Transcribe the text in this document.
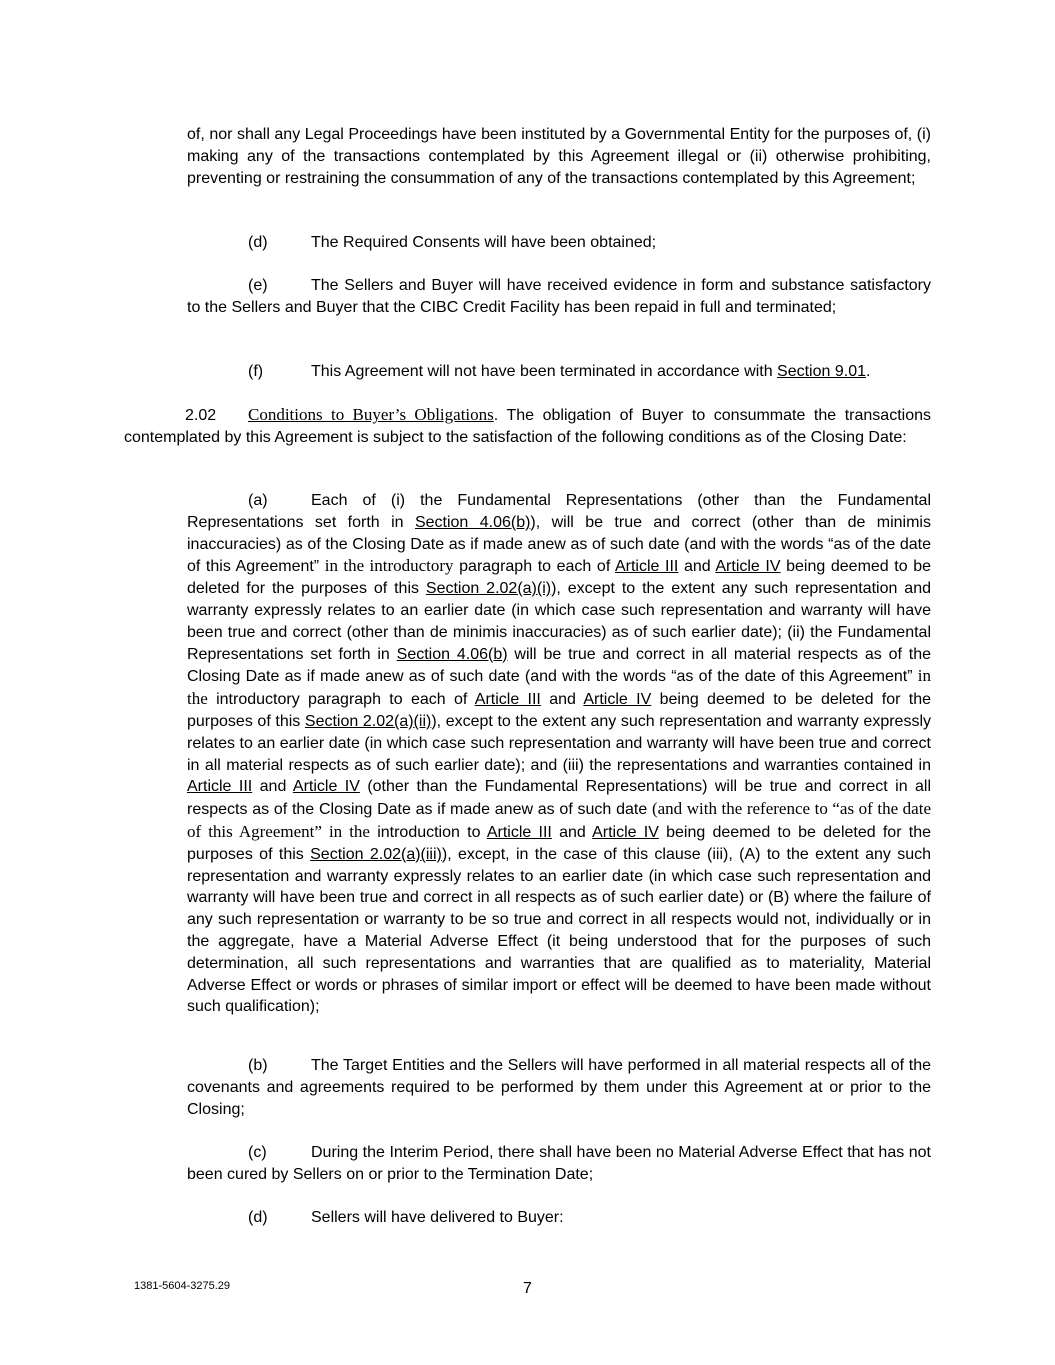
of, nor shall any Legal Proceedings have been instituted by a Governmental Entity for the purposes of, (i) making any of the transactions contemplated by this Agreement illegal or (ii) otherwise prohibiting, preventing or restraining the consummation of any of the transactions contemplated by this Agreement;
(d)	The Required Consents will have been obtained;
(e)	The Sellers and Buyer will have received evidence in form and substance satisfactory to the Sellers and Buyer that the CIBC Credit Facility has been repaid in full and terminated;
(f)	This Agreement will not have been terminated in accordance with Section 9.01.
2.02 Conditions to Buyer’s Obligations. The obligation of Buyer to consummate the transactions contemplated by this Agreement is subject to the satisfaction of the following conditions as of the Closing Date:
(a)	Each of (i) the Fundamental Representations (other than the Fundamental Representations set forth in Section 4.06(b)), will be true and correct (other than de minimis inaccuracies) as of the Closing Date as if made anew as of such date (and with the words “as of the date of this Agreement” in the introductory paragraph to each of Article III and Article IV being deemed to be deleted for the purposes of this Section 2.02(a)(i)), except to the extent any such representation and warranty expressly relates to an earlier date (in which case such representation and warranty will have been true and correct (other than de minimis inaccuracies) as of such earlier date); (ii) the Fundamental Representations set forth in Section 4.06(b) will be true and correct in all material respects as of the Closing Date as if made anew as of such date (and with the words “as of the date of this Agreement” in the introductory paragraph to each of Article III and Article IV being deemed to be deleted for the purposes of this Section 2.02(a)(ii)), except to the extent any such representation and warranty expressly relates to an earlier date (in which case such representation and warranty will have been true and correct in all material respects as of such earlier date); and (iii) the representations and warranties contained in Article III and Article IV (other than the Fundamental Representations) will be true and correct in all respects as of the Closing Date as if made anew as of such date (and with the reference to “as of the date of this Agreement” in the introduction to Article III and Article IV being deemed to be deleted for the purposes of this Section 2.02(a)(iii)), except, in the case of this clause (iii), (A) to the extent any such representation and warranty expressly relates to an earlier date (in which case such representation and warranty will have been true and correct in all respects as of such earlier date) or (B) where the failure of any such representation or warranty to be so true and correct in all respects would not, individually or in the aggregate, have a Material Adverse Effect (it being understood that for the purposes of such determination, all such representations and warranties that are qualified as to materiality, Material Adverse Effect or words or phrases of similar import or effect will be deemed to have been made without such qualification);
(b)	The Target Entities and the Sellers will have performed in all material respects all of the covenants and agreements required to be performed by them under this Agreement at or prior to the Closing;
(c)	During the Interim Period, there shall have been no Material Adverse Effect that has not been cured by Sellers on or prior to the Termination Date;
(d)	Sellers will have delivered to Buyer:
1381-5604-3275.29	7
